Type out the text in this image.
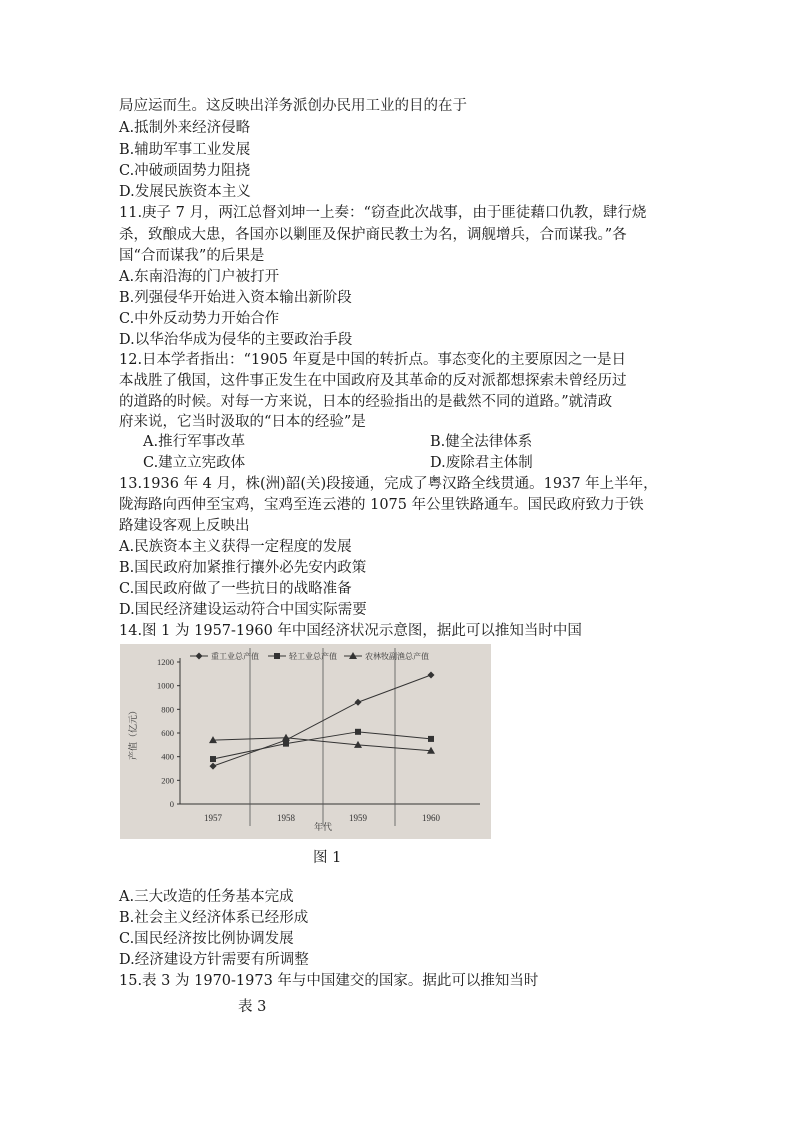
局应运而生。这反映出洋务派创办民用工业的目的在于
A.抵制外来经济侵略
B.辅助军事工业发展
C.冲破顽固势力阻挠
D.发展民族资本主义
11.庚子 7 月，两江总督刘坤一上奏：“窃查此次战事，由于匪徒藉口仇教，肆行烧
杀，致酿成大患，各国亦以剿匪及保护商民教士为名，调舰增兵，合而谋我。”各
国“合而谋我”的后果是
A.东南沿海的门户被打开
B.列强侵华开始进入资本输出新阶段
C.中外反动势力开始合作
D.以华治华成为侵华的主要政治手段
12.日本学者指出：“1905 年夏是中国的转折点。事态变化的主要原因之一是日
本战胜了俄国，这件事正发生在中国政府及其革命的反对派都想探索未曾经历过
的道路的时候。对每一方来说，日本的经验指出的是截然不同的道路。”就清政
府来说，它当时汲取的“日本的经验”是
A.推行军事改革	B.健全法律体系
C.建立立宪政体	D.废除君主体制
13.1936 年 4 月，株(洲)韶(关)段接通，完成了粤汉路全线贯通。1937 年上半年，
陇海路向西伸至宝鸡，宝鸡至连云港的 1075 年公里铁路通车。国民政府致力于铁
路建设客观上反映出
A.民族资本主义获得一定程度的发展
B.国民政府加紧推行攘外必先安内政策
C.国民政府做了一些抗日的战略准备
D.国民经济建设运动符合中国实际需要
14.图 1 为 1957-1960 年中国经济状况示意图，据此可以推知当时中国
0
200
400
600
800
1000
1200
产值（亿元）
1957	1958	1959	1960
年代
重工业总产值	轻工业总产值	农林牧副渔总产值
图 1
A.三大改造的任务基本完成
B.社会主义经济体系已经形成
C.国民经济按比例协调发展
D.经济建设方针需要有所调整
15.表 3 为 1970-1973 年与中国建交的国家。据此可以推知当时
表 3
